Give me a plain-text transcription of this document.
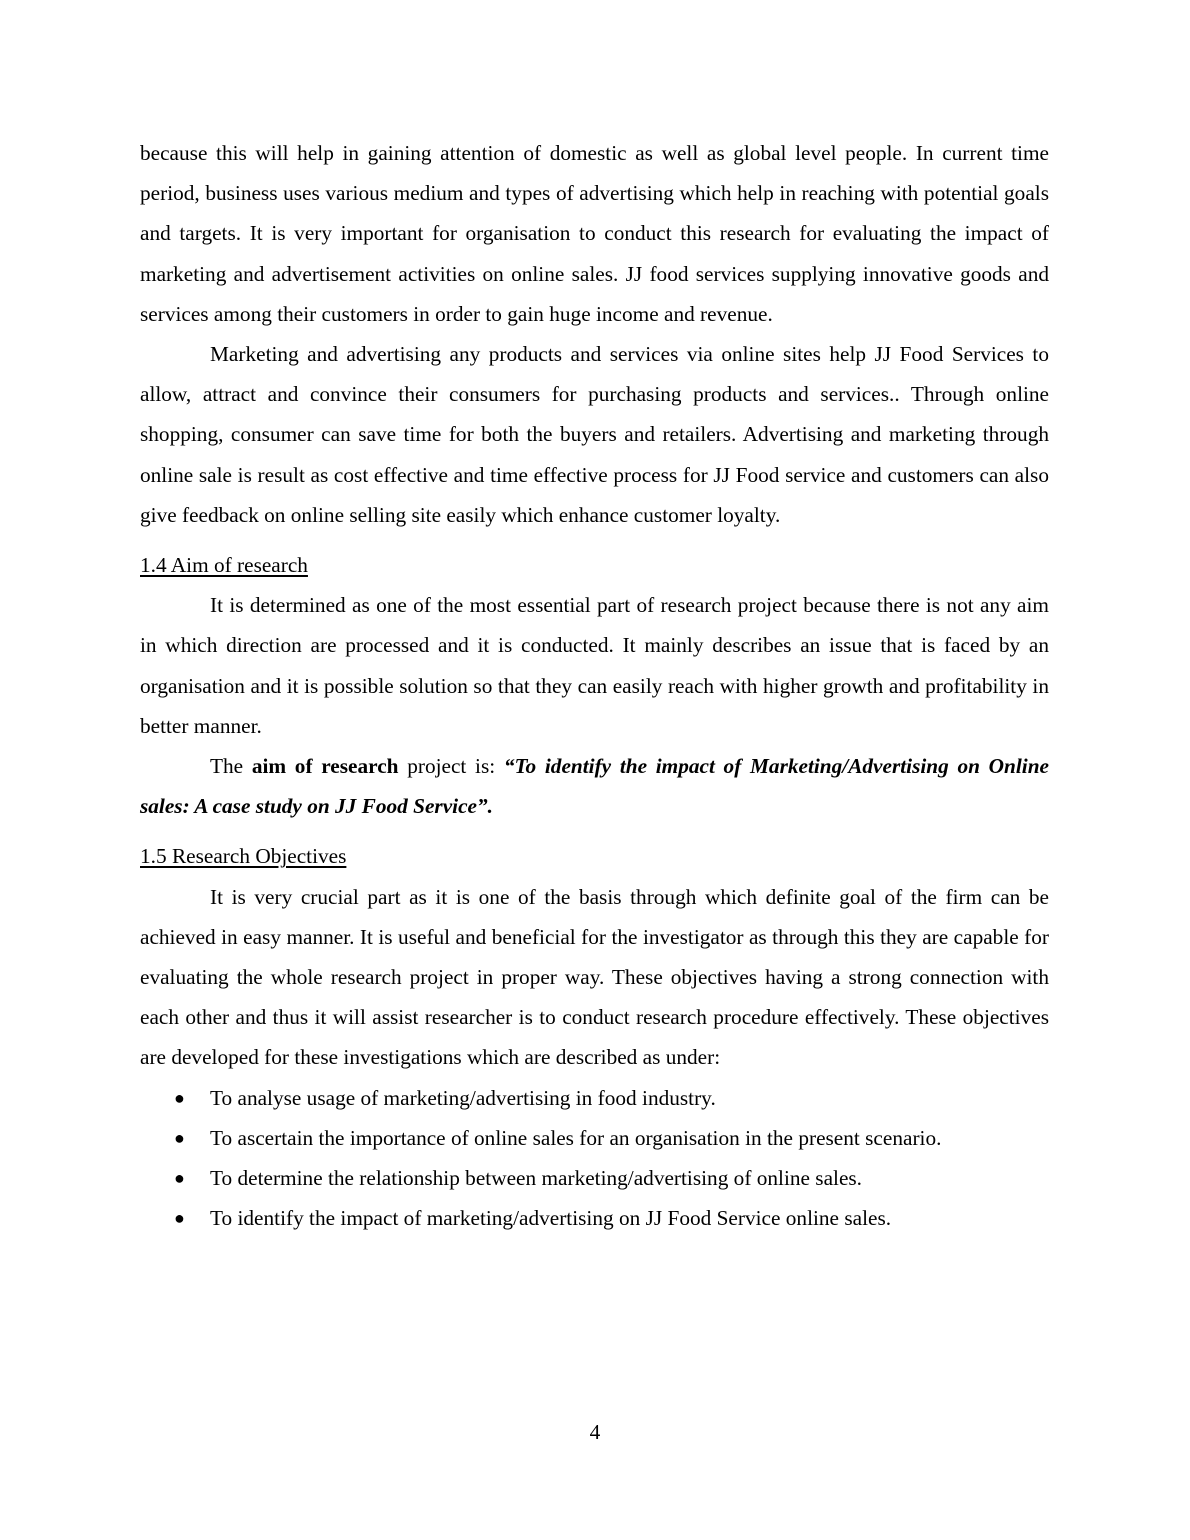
because this will help in gaining attention of domestic as well as global level people. In current time period, business uses various medium and types of advertising which help in reaching with potential goals and targets. It is very important for organisation to conduct this research for evaluating the impact of marketing and advertisement activities on online sales. JJ food services supplying innovative goods and services among their customers in order to gain huge income and revenue.

Marketing and advertising any products and services via online sites help JJ Food Services to allow, attract and convince their consumers for purchasing products and services.. Through online shopping, consumer can save time for both the buyers and retailers. Advertising and marketing through online sale is result as cost effective and time effective process for JJ Food service and customers can also give feedback on online selling site easily which enhance customer loyalty.

1.4 Aim of research

It is determined as one of the most essential part of research project because there is not any aim in which direction are processed and it is conducted. It mainly describes an issue that is faced by an organisation and it is possible solution so that they can easily reach with higher growth and profitability in better manner.

The aim of research project is: “To identify the impact of Marketing/Advertising on Online sales: A case study on JJ Food Service”.

1.5 Research Objectives

It is very crucial part as it is one of the basis through which definite goal of the firm can be achieved in easy manner. It is useful and beneficial for the investigator as through this they are capable for evaluating the whole research project in proper way. These objectives having a strong connection with each other and thus it will assist researcher is to conduct research procedure effectively. These objectives are developed for these investigations which are described as under:

● To analyse usage of marketing/advertising in food industry.
● To ascertain the importance of online sales for an organisation in the present scenario.
● To determine the relationship between marketing/advertising of online sales.
● To identify the impact of marketing/advertising on JJ Food Service online sales.
4
